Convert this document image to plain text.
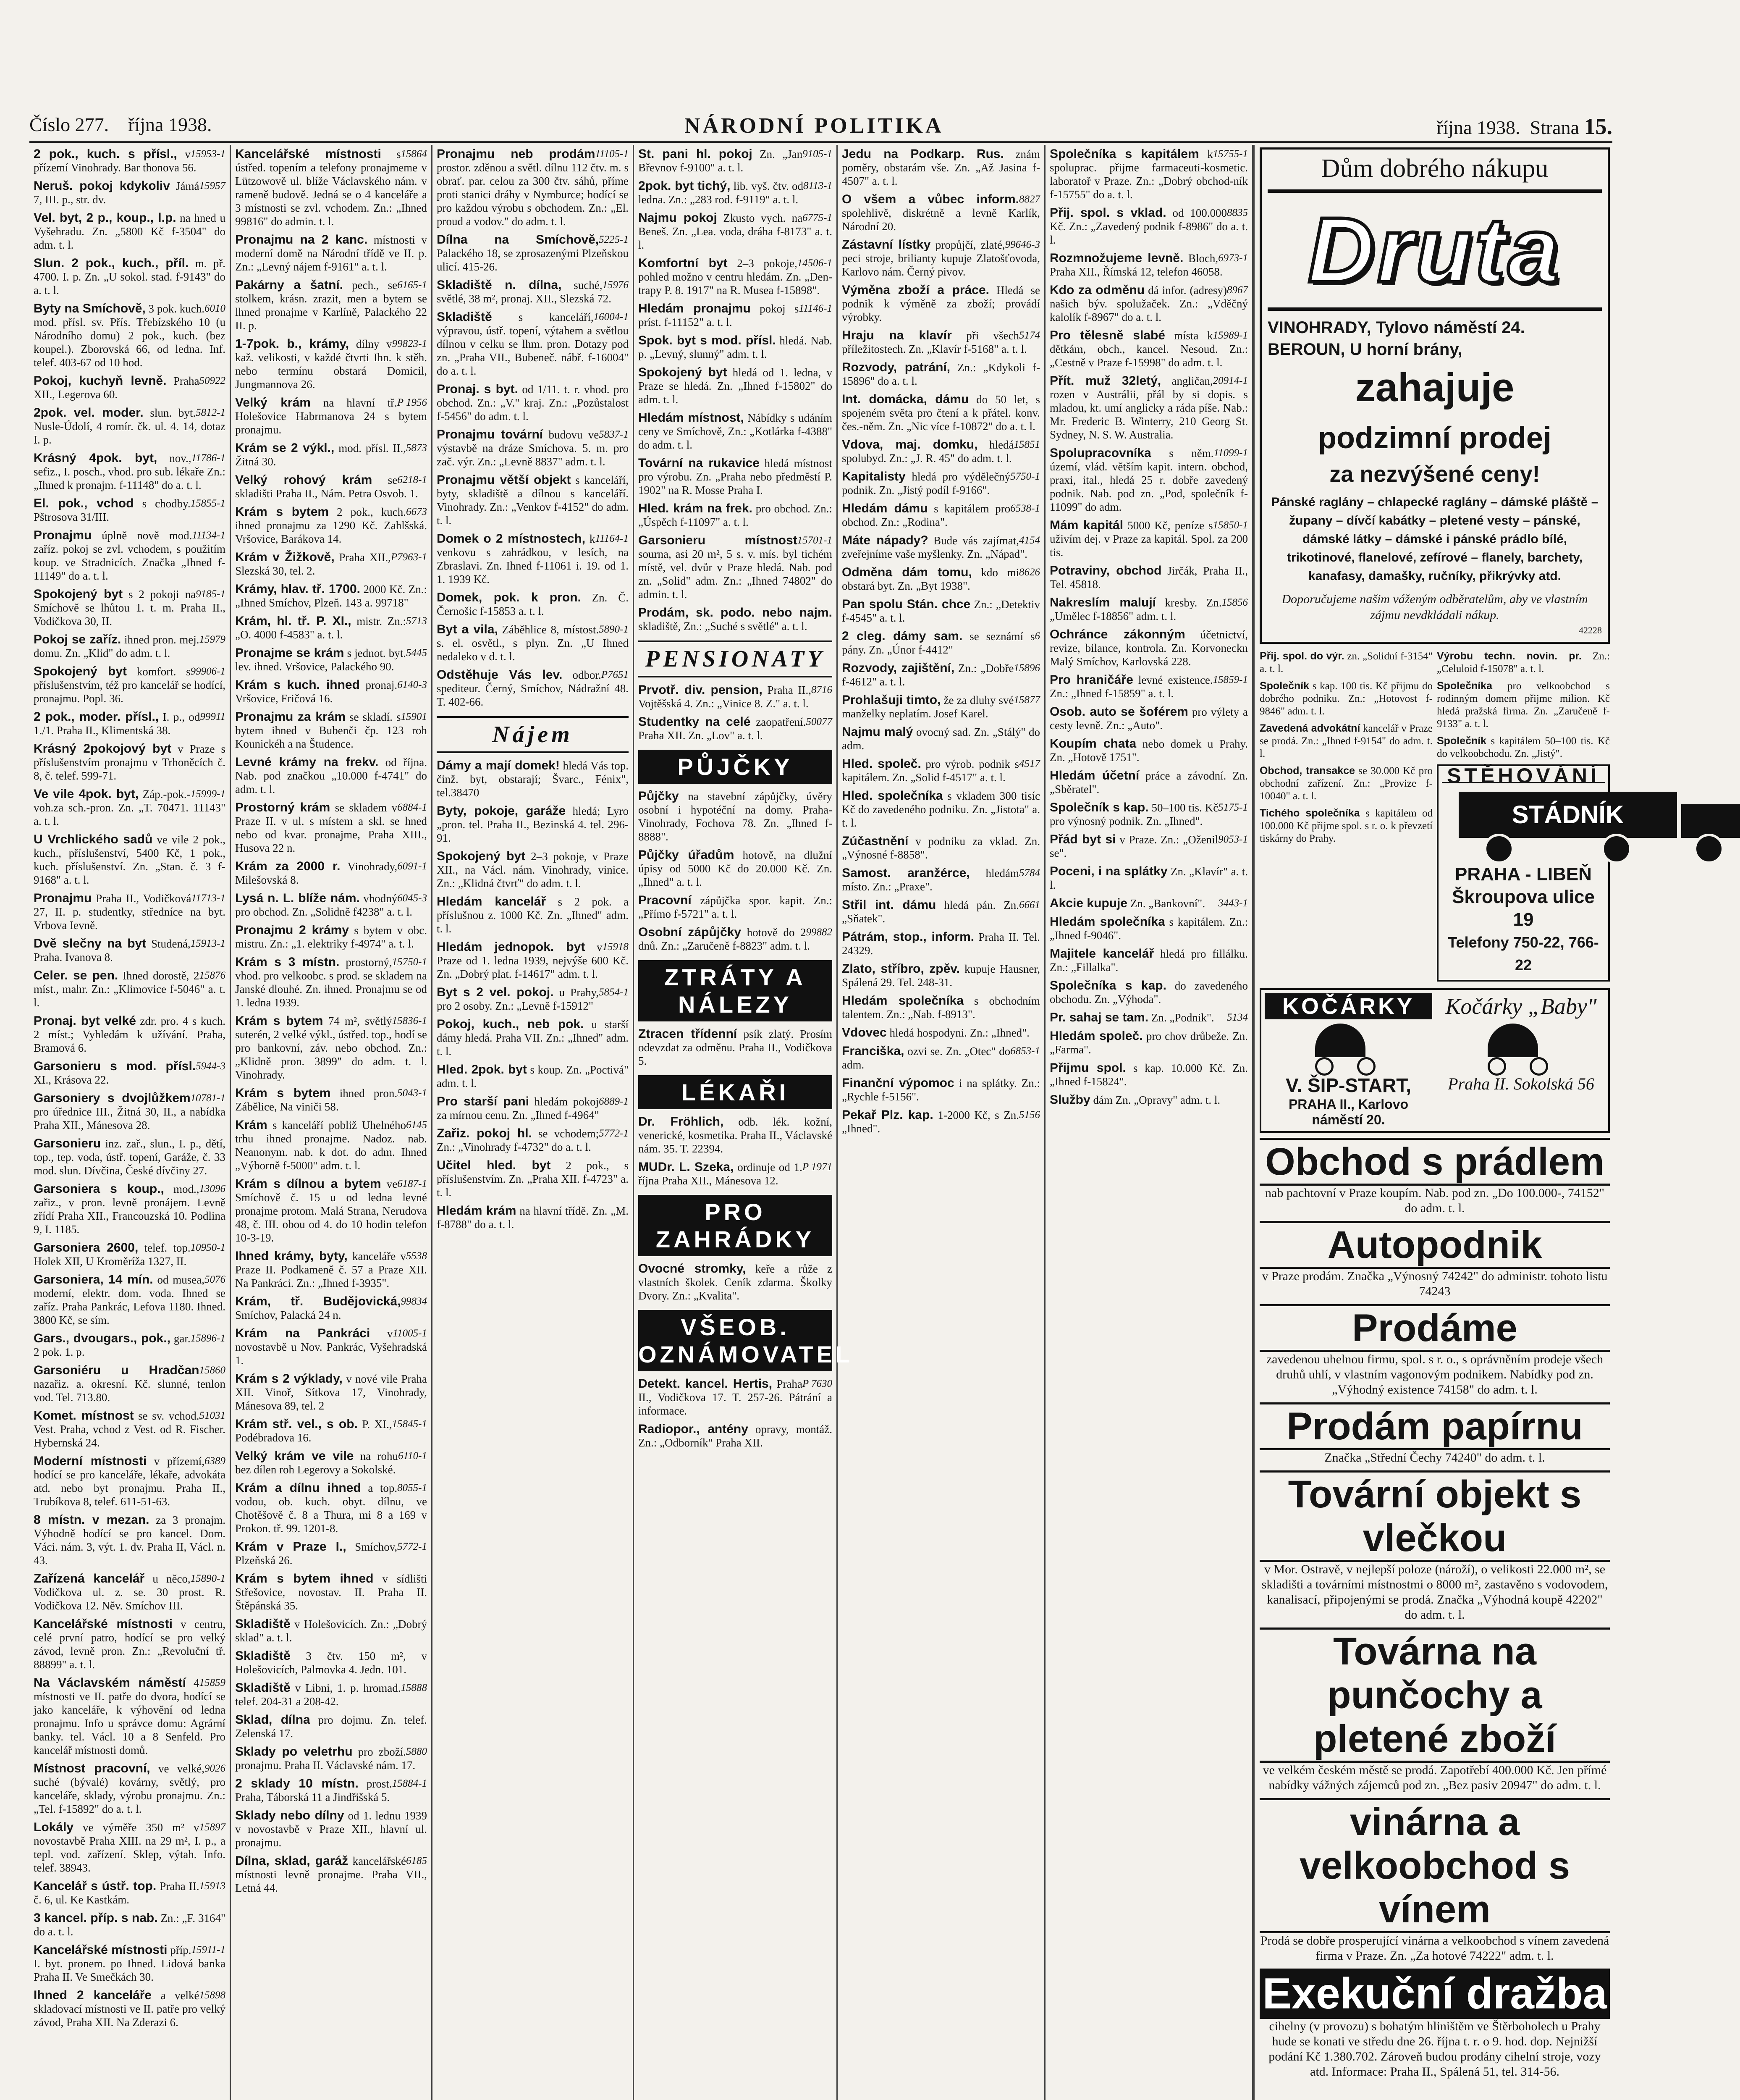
Číslo 277. října 1938.	NÁRODNÍ POLITIKA	října 1938. Strana 15.

15953-1
2 pok., kuch. s přísl., v přízemí Vinohrady. Bar thonova 56.

15957
Neruš. pokoj kdykoliv Jámá 7, III. p., str. dv.

Vel. byt, 2 p., koup., l.p. na hned u Vyšehradu. Zn. „5800 Kč f-3504" do adm. t. l.

Slun. 2 pok., kuch., příl. m. př. 4700. I. p. Zn. „U sokol. stad. f-9143" do a. t. l.

6010
Byty na Smíchově, 3 pok. kuch. mod. přísl. sv. Přís. Třebízského 10 (u Národního domu) 2 pok., kuch. (bez koupel.). Zborovská 66, od ledna. Inf. telef. 403-67 od 10 hod.

50922
Pokoj, kuchyň levně. Praha XII., Legerova 60.

5812-1
2pok. vel. moder. slun. byt. Nusle-Údolí, 4 romír. čk. ul. 4. 14, dotaz I. p.

11786-1
Krásný 4pok. byt, nov., sefiz., I. posch., vhod. pro sub. lékaře Zn.: „Ihned k pronajm. f-11148" do a. t. l.

15855-1
El. pok., vchod s chodby. Pštrosova 31/III.

11134-1
Pronajmu úplně nově mod. zaříz. pokoj se zvl. vchodem, s použitím koup. ve Stradnicích. Značka „Ihned f-11149" do a. t. l.

9185-1
Spokojený byt s 2 pokoji na Smíchově se lhůtou 1. t. m. Praha II., Vodičkova 30, II.

15979
Pokoj se zaříz. ihned pron. mej. domu. Zn. „Klid" do adm. t. l.

99906-1
Spokojený byt komfort. s příslušenstvím, též pro kancelář se hodící, pronajmu. Popl. 36.

99911
2 pok., moder. přísl., I. p., od 1./1. Praha II., Klimentská 38.

Krásný 2pokojový byt v Praze s příslušenstvím pronajmu v Trhoněcích č. 8, č. telef. 599-71.

15999-1
Ve vile 4pok. byt, Záp.-pok.-voh.za sch.-pron. Zn. „T. 70471. 11143" a. t. l.

U Vrchlického sadů ve vile 2 pok., kuch., příslušenství, 5400 Kč, 1 pok., kuch. příslušenství. Zn. „Stan. č. 3 f-9168" a. t. l.

11713-1
Pronajmu Praha II., Vodičková 27, II. p. studentky, středníce na byt. Vrbova Ievně.

15913-1
Dvě slečny na byt Studená, Praha. Ivanova 8.

15876
Celer. se pen. Ihned dorostě, 2 míst., mahr. Zn.: „Klimovice f-5046" a. t. l.

Pronaj. byt velké zdr. pro. 4 s kuch. 2 míst.; Vyhledám k užívání. Praha, Bramová 6.

5944-3
Garsonieru s mod. přísl. XI., Krásova 22.

10781-1
Garsoniery s dvojlůžkem pro úřednice III., Žitná 30, II., a nabídka Praha XII., Mánesova 28.

Garsonieru inz. zař., slun., I. p., dětí, top., tep. voda, ústř. topení, Garáže, č. 33 mod. slun. Dívčina, České dívčiny 27.

13096
Garsoniera s koup., mod., zařiz., v pron. levně pronájem. Levně zřídí Praha XII., Francouzská 10. Podlina 9, I. 1185.

10950-1
Garsoniera 2600, telef. top. Holek XII, U Kroměríža 1327, II.

5076
Garsoniera, 14 mín. od musea, moderní, elektr. dom. voda. Ihned se zaříz. Praha Pankrác, Lefova 1180. Ihned. 3800 Kč, se sím.

15896-1
Gars., dvougars., pok., gar. 2 pok. 1. p.

15860
Garsoniéru u Hradčan nazařiz. a. okresní. Kč. slunné, tenlon vod. Tel. 713.80.

51031
Komet. místnost se sv. vchod. Vest. Praha, vchod z Vest. od R. Fischer. Hybernská 24.

6389
Moderní místnosti v přízemí, hodící se pro kanceláře, lékaře, advokáta atd. nebo byt pronajmu. Praha II., Trubíkova 8, telef. 611-51-63.

8 místn. v mezan. za 3 pronajm. Výhodně hodící se pro kancel. Dom. Váci. nám. 3, výt. 1. dv. Praha II, Václ. n. 43.

15890-1
Zařízená kancelář u něco, Vodičkova ul. z. se. 30 prost. R. Vodičkova 12. Něv. Smíchov III.

Kancelářské místnosti v centru, celé první patro, hodící se pro velký závod, levně pron. Zn.: „Revoluční tř. 88899" a. t. l.

15859
Na Václavském náměstí 4 místnosti ve II. patře do dvora, hodící se jako kanceláře, k výhovění od ledna pronajmu. Info u správce domu: Agrární banky. tel. Václ. 10 a 8 Senfeld. Pro kancelář místnosti domů.

9026
Místnost pracovní, ve velké, suché (bývalé) kovárny, světlý, pro kanceláře, sklady, výrobu pronajmu. Zn.: „Tel. f-15892" do a. t. l.

15897
Lokály ve výměře 350 m² v novostavbě Praha XIII. na 29 m², I. p., a tepl. vod. zařízení. Sklep, výtah. Info. telef. 38943.

15913
Kancelář s ústř. top. Praha II. č. 6, ul. Ke Kastkám.

3 kancel. příp. s nab. Zn.: „F. 3164" do a. t. l.

15911-1
Kancelářské místnosti příp. I. byt. pronem. po Ihned. Lidová banka Praha II. Ve Smečkách 30.

15898
Ihned 2 kanceláře a velké skladovací místnosti ve II. patře pro velký závod, Praha XII. Na Zderazi 6.

15864
Kancelářské místnosti s ústřed. topením a telefony pronajmeme v Lützowově ul. blíže Václavského nám. v rameně budově. Jedná se o 4 kanceláře a 3 místnosti se zvl. vchodem. Zn.: „Ihned 99816" do admin. t. l.

Pronajmu na 2 kanc. místnosti v moderní domě na Národní třídě ve II. p. Zn.: „Levný nájem f-9161" a. t. l.

6165-1
Pakárny a šatní. pech., se stolkem, krásn. zrazit, men a bytem se lhned pronajme v Karlíně, Palackého 22 II. p.

99823-1
1-7pok. b., krámy, dílny v kaž. velikosti, v každé čtvrti Ihn. k stěh. nebo termínu obstará Domicil, Jungmannova 26.

P 1956
Velký krám na hlavní tř. Holešovice Habrmanova 24 s bytem pronajmu.

5873
Krám se 2 výkl., mod. přísl. II., Žitná 30.

6218-1
Velký rohový krám se skladišti Praha II., Nám. Petra Osvob. 1.

6673
Krám s bytem 2 pok., kuch. ihned pronajmu za 1290 Kč. Zahlšská. Vršovice, Barákova 14.

P7963-1
Krám v Žižkově, Praha XII., Slezská 30, tel. 2.

Krámy, hlav. tř. 1700. 2000 Kč. Zn.: „Ihned Smíchov, Plzeň. 143 a. 99718"

5713
Krám, hl. tř. P. XI., mistr. Zn.: „O. 4000 f-4583" a. t. l.

5445
Pronajme se krám s jednot. byt. lev. ihned. Vršovice, Palackého 90.

6140-3
Krám s kuch. ihned pronaj. Vršovice, Fričová 16.

15901
Pronajmu za krám se skladí. s bytem ihned v Bubenči čp. 123 roh Kounickéh a na Študence.

Levné krámy na frekv. od října. Nab. pod značkou „10.000 f-4741" do adm. t. l.

6884-1
Prostorný krám se skladem v Praze II. v ul. s místem a skl. se hned nebo od kvar. pronajme, Praha XIII., Husova 22 n.

6091-1
Krám za 2000 r. Vinohrady, Milešovská 8.

6045-3
Lysá n. L. blíže nám. vhodný pro obchod. Zn. „Solidně f4238" a. t. l.

Pronajmu 2 krámy s bytem v obc. mistru. Zn.: „1. elektriky f-4974" a. t. l.

15750-1
Krám s 3 místn. prostorný, vhod. pro velkoobc. s prod. se skladem na Janské dlouhé. Zn. ihned. Pronajmu se od 1. ledna 1939.

15836-1
Krám s bytem 74 m², světlý suterén, 2 velké výkl., ústřed. top., hodí se pro bankovní, záv. nebo obchod. Zn.: „Klidně pron. 3899" do adm. t. l. Vinohrady.

5043-1
Krám s bytem ihned pron. Zábělice, Na viniči 58.

6145
Krám s kanceláří pobliž Uhelného trhu ihned pronajme. Nadoz. nab. Neanonym. nab. k dot. do adm. Ihned „Výborně f-5000" adm. t. l.

6187-1
Krám s dílnou a bytem ve Smíchově č. 15 u od ledna levné pronajme protom. Malá Strana, Nerudova 48, č. III. obou od 4. do 10 hodin telefon 10-3-19.

5538
Ihned krámy, byty, kanceláře v Praze II. Podkameně č. 57 a Praze XII. Na Pankráci. Zn.: „Ihned f-3935".

99834
Krám, tř. Budějovická, Smíchov, Palacká 24 n.

11005-1
Krám na Pankráci v novostavbě u Nov. Pankrác, Vyšehradská 1.

Krám s 2 výklady, v nové vile Praha XII. Vinoř, Sítkova 17, Vinohrady, Mánesova 89, tel. 2

15845-1
Krám stř. vel., s ob. P. XI., Podébradova 16.

6110-1
Velký krám ve vile na rohu bez dílen roh Legerovy a Sokolské.

8055-1
Krám a dílnu ihned a top. vodou, ob. kuch. obyt. dílnu, ve Chotěšově č. 8 a Thura, mi 8 a 169 v Prokon. tř. 99. 1201-8.

5772-1
Krám v Praze I., Smíchov, Plzeňská 26.

Krám s bytem ihned v sídlišti Střešovice, novostav. II. Praha II. Štěpánská 35.

Skladiště v Holešovicích. Zn.: „Dobrý sklad" a. t. l.

Skladiště 3 čtv. 150 m², v Holešovicích, Palmovka 4. Jedn. 101.

15888
Skladiště v Libni, 1. p. hromad. telef. 204-31 a 208-42.

Sklad, dílna pro dojmu. Zn. telef. Zelenská 17.

5880
Sklady po veletrhu pro zboží. pronajmu. Praha II. Václavské nám. 17.

15884-1
2 sklady 10 místn. prost. Praha, Táborská 11 a Jindřišská 5.

Sklady nebo dílny od 1. lednu 1939 v novostavbě v Praze XII., hlavní ul. pronajmu.

6185
Dílna, sklad, garáž kancelářské místnosti levně pronajme. Praha VII., Letná 44.

11105-1
Pronajmu neb prodám prostor. zděnou a světl. dílnu 112 čtv. m. s obrať. par. celou za 300 čtv. sáhů, příme proti stanici dráhy v Nymburce; hodící se pro každou výrobu s obchodem. Zn.: „El. proud a vodov." do adm. t. l.

5225-1
Dílna na Smíchově, Palackého 18, se zprosazenými Plzeňskou ulicí. 415-26.

15976
Skladiště n. dílna, suché, světlé, 38 m², pronaj. XII., Slezská 72.

16004-1
Skladiště s kanceláří, výpravou, ústř. topení, výtahem a světlou dílnou v celku se lhm. pron. Dotazy pod zn. „Praha VII., Bubeneč. nábř. f-16004" do a. t. l.

Pronaj. s byt. od 1/11. t. r. vhod. pro obchod. Zn.: „V." kraj. Zn.: „Pozůstalost f-5456" do adm. t. l.

5837-1
Pronajmu tovární budovu ve výstavbě na dráze Smíchova. 5. m. pro zač. výr. Zn.: „Levně 8837" adm. t. l.

Pronajmu větší objekt s kanceláří, byty, skladiště a dílnou s kanceláří. Vinohrady. Zn.: „Venkov f-4152" do adm. t. l.

11164-1
Domek o 2 místnostech, k venkovu s zahrádkou, v lesích, na Zbraslavi. Zn. Ihned f-11061 i. 19. od 1. 1. 1939 Kč.

Domek, pok. k pron. Zn. Č. Černošic f-15853 a. t. l.

5890-1
Byt a vila, Záběhlice 8, místost. s. el. osvětl., s plyn. Zn. „U Ihned nedaleko v d. t. l.

P7651
Odstěhuje Vás lev. odbor. spediteur. Černý, Smíchov, Nádražní 48. T. 402-66.

Nájem

Dámy a mají domek! hledá Vás top. činž. byt, obstarají; Švarc., Fénix", tel.38470

Byty, pokoje, garáže hledá; Lyro „pron. tel. Praha II., Bezinská 4. tel. 296-91.

Spokojený byt 2–3 pokoje, v Praze XII., na Václ. nám. Vinohrady, vinice. Zn.: „Klidná čtvrť" do adm. t. l.

Hledám kancelář s 2 pok. a příslušnou z. 1000 Kč. Zn. „Ihned" adm. t. l.

15918
Hledám jednopok. byt v Praze od 1. ledna 1939, nejvýše 600 Kč. Zn. „Dobrý plat. f-14617" adm. t. l.

5854-1
Byt s 2 vel. pokoj. u Prahy, pro 2 osoby. Zn.: „Levně f-15912"

Pokoj, kuch., neb pok. u starší dámy hledá. Praha VII. Zn.: „Ihned" adm. t. l.

Hled. 2pok. byt s koup. Zn. „Poctivá" adm. t. l.

6889-1
Pro starší pani hledám pokoj za mírnou cenu. Zn. „Ihned f-4964"

5772-1
Zařiz. pokoj hl. se vchodem; Zn.: „Vinohrady f-4732" do a. t. l.

Učitel hled. byt 2 pok., s příslušenstvím. Zn. „Praha XII. f-4723" a. t. l.

Hledám krám na hlavní třídě. Zn. „M. f-8788" do a. t. l.

9105-1
St. pani hl. pokoj Zn. „Jan Břevnov f-9100" a. t. l.

8113-1
2pok. byt tichý, lib. vyš. čtv. od ledna. Zn.: „283 rod. f-9119" a. t. l.

6775-1
Najmu pokoj Zkusto vych. na Beneš. Zn. „Lea. voda, dráha f-8173" a. t. l.

14506-1
Komfortní byt 2–3 pokoje, pohled možno v centru hledám. Zn. „Den-trapy P. 8. 1917" na R. Musea f-15898".

11146-1
Hledám pronajmu pokoj s príst. f-11152" a. t. l.

Spok. byt s mod. přísl. hledá. Nab. p. „Levný, slunný" adm. t. l.

Spokojený byt hledá od 1. ledna, v Praze se hledá. Zn. „Ihned f-15802" do adm. t. l.

Hledám místnost, Nábídky s udáním ceny ve Smíchově, Zn.: „Kotlárka f-4388" do adm. t. l.

Tovární na rukavice hledá místnost pro výrobu. Zn. „Praha nebo předměstí P. 1902" na R. Mosse Praha I.

Hled. krám na frek. pro obchod. Zn.: „Úspěch f-11097" a. t. l.

15701-1
Garsonieru místnost sourna, asi 20 m², 5 s. v. mís. byl tichém místě, vel. dvůr v Praze hledá. Nab. pod zn. „Solid" adm. Zn.: „Ihned 74802" do admin. t. l.

Prodám, sk. podo. nebo najm. skladiště, Zn.: „Suché s světlé" a. t. l.

PENSIONATY

8716
Prvotř. div. pension, Praha II., Vojtěšská 4. Zn.: „Vinice 8. Z." a. t. l.

50077
Studentky na celé zaopatření. Praha XII. Zn. „Lov" a. t. l.

PŮJČKY

Půjčky na stavební zápůjčky, úvěry osobní i hypotéční na domy. Praha-Vinohrady, Fochova 78. Zn. „Ihned f-8888".

Půjčky úřadům hotově, na dlužní úpisy od 5000 Kč do 20.000 Kč. Zn. „Ihned" a. t. l.

Pracovní zápůjčka spor. kapit. Zn.: „Přímo f-5721" a. t. l.

99882
Osobní zápůjčky hotově do 2 dnů. Zn.: „Zaručeně f-8823" adm. t. l.

ZTRÁTY A NÁLEZY

Ztracen třídenní psík zlatý. Prosím odevzdat za odměnu. Praha II., Vodičkova 5.

LÉKAŘI

Dr. Fröhlich, odb. lék. kožní, venerické, kosmetika. Praha II., Václavské nám. 35. T. 22394.

P 1971
MUDr. L. Szeka, ordinuje od 1. října Praha XII., Mánesova 12.

PRO ZAHRÁDKY

Ovocné stromky, keře a růže z vlastních školek. Ceník zdarma. Školky Dvory. Zn.: „Kvalita".

VŠEOB. OZNÁMOVATEL

P 7630
Detekt. kancel. Hertis, Praha II., Vodičkova 17. T. 257-26. Pátrání a informace.

Radiopor., antény opravy, montáž. Zn.: „Odborník" Praha XII.

Jedu na Podkarp. Rus. znám poměry, obstarám vše. Zn. „Až Jasina f-4507" a. t. l.

8827
O všem a vůbec inform. spolehlivě, diskrétně a levně Karlík, Národní 20.

99646-3
Zástavní lístky propůjčí, zlaté, peci stroje, brilianty kupuje Zlatošťovoda, Karlovo nám. Černý pivov.

Výměna zboží a práce. Hledá se podnik k výměně za zboží; provádí výrobky.

5174
Hraju na klavír při všech příležitostech. Zn. „Klavír f-5168" a. t. l.

Rozvody, patrání, Zn.: „Kdykoli f-15896" do a. t. l.

Int. domácka, dámu do 50 let, s spojeném světa pro čtení a k přátel. konv. čes.-něm. Zn. „Nic více f-10872" do a. t. l.

15851
Vdova, maj. domku, hledá spolubyd. Zn.: „J. R. 45" do adm. t. l.

5750-1
Kapitalisty hledá pro výdělečný podnik. Zn. „Jistý podíl f-9166".

6538-1
Hledám dámu s kapitálem pro obchod. Zn.: „Rodina".

4154
Máte nápady? Bude vás zajímat, zveřejníme vaše myšlenky. Zn. „Nápad".

8626
Odměna dám tomu, kdo mi obstará byt. Zn. „Byt 1938".

Pan spolu Stán. chce Zn.: „Detektiv f-4545" a. t. l.

6
2 cleg. dámy sam. se seznámí s pány. Zn. „Únor f-4412"

15896
Rozvody, zajištění, Zn.: „Dobře f-4612" a. t. l.

15877
Prohlašuji timto, že za dluhy své manželky neplatím. Josef Karel.

Najmu malý ovocný sad. Zn. „Stálý" do adm.

4517
Hled. společ. pro výrob. podnik s kapitálem. Zn. „Solid f-4517" a. t. l.

Hled. společníka s vkladem 300 tisíc Kč do zavedeného podniku. Zn. „Jistota" a. t. l.

Zúčastnění v podniku za vklad. Zn. „Výnosné f-8858".

5784
Samost. aranžérce, hledám místo. Zn.: „Praxe".

6661
Střil int. dámu hledá pán. Zn. „Sňatek".

Pátrám, stop., inform. Praha II. Tel. 24329.

Zlato, stříbro, zpěv. kupuje Hausner, Spálená 29. Tel. 248-31.

Hledám společníka s obchodním talentem. Zn.: „Nab. f-8913".

Vdovec hledá hospodyni. Zn.: „Ihned".

6853-1
Franciška, ozvi se. Zn. „Otec" do adm.

Finanční výpomoc i na splátky. Zn.: „Rychle f-5156".

5156
Pekař Plz. kap. 1-2000 Kč, s Zn. „Ihned".

15755-1
Společníka s kapitálem k spoluprac. přijme farmaceuti-kosmetic. laboratoř v Praze. Zn.: „Dobrý obchod-ník f-15755" do a. t. l.

8835
Přij. spol. s vklad. od 100.000 Kč. Zn.: „Zavedený podnik f-8986" do a. t. l.

6973-1
Rozmnožujeme levně. Bloch, Praha XII., Římská 12, telefon 46058.

8967
Kdo za odměnu dá infor. (adresy) našich býv. spolužaček. Zn.: „Vděčný kalolík f-8967" do a. t. l.

15989-1
Pro tělesně slabé místa k dětkám, obch., kancel. Nesoud. Zn.: „Cestně v Praze f-15998" do adm. t. l.

20914-1
Přít. muž 32letý, angličan, rozen v Austrálii, přál by si dopis. s mladou, kt. umí anglicky a ráda píše. Nab.: Mr. Frederic B. Winterry, 210 Georg St. Sydney, N. S. W. Australia.

11099-1
Spolupracovníka s něm. území, vlád. větším kapit. intern. obchod, praxi, ital., hledá 25 r. dobře zavedený podnik. Nab. pod zn. „Pod, společník f-11099" do adm.

15850-1
Mám kapitál 5000 Kč, peníze s uživím dej. v Praze za kapitál. Spol. za 200 tis.

Potraviny, obchod Jirčák, Praha II., Tel. 45818.

15856
Nakreslím malují kresby. Zn. „Umělec f-18856" adm. t. l.

Ochránce zákonným účetnictví, revize, bilance, kontrola. Zn. Korvoneckn Malý Smíchov, Karlovská 228.

15859-1
Pro hraničáře levné existence. Zn.: „Ihned f-15859" a. t. l.

Osob. auto se šoférem pro výlety a cesty levně. Zn.: „Auto".

Koupím chata nebo domek u Prahy. Zn. „Hotově 1751".

Hledám účetní práce a závodní. Zn. „Sběratel".

5175-1
Společník s kap. 50–100 tis. Kč pro výnosný podnik. Zn. „Ihned".

9053-1
Přád byt si v Praze. Zn.: „Oženil se".

Poceni, i na splátky Zn. „Klavír" a. t. l.

3443-1
Akcie kupuje Zn. „Bankovní".

Hledám společníka s kapitálem. Zn.: „Ihned f-9046".

Majitele kancelář hledá pro fillálku. Zn.: „Fillalka".

Společníka s kap. do zavedeného obchodu. Zn. „Výhoda".

5134
Pr. sahaj se tam. Zn. „Podnik".

Hledám společ. pro chov drůbeže. Zn. „Farma".

Přijmu spol. s kap. 10.000 Kč. Zn. „Ihned f-15824".

Služby dám Zn. „Opravy" adm. t. l.

Dům dobrého nákupu
Druta
VINOHRADY, Tylovo náměstí 24.
BEROUN, U horní brány,
zahajuje
podzimní prodej
za nezvýšené ceny!
Pánské raglány – chlapecké raglány – dámské pláště – župany – dívčí kabátky – pletené vesty – pánské, dámské látky – dámské i pánské prádlo bílé, trikotinové, flanelové, zefírové – flanely, barchety, kanafasy, damašky, ručníky, přikrývky atd.
Doporučujeme našim váženým odběratelům, aby ve vlastním zájmu nevdkládali nákup.
42228

Přij. spol. do výr. zn. „Solidní f-3154" a. t. l.

Společník s kap. 100 tis. Kč přijmu do dobrého podniku. Zn.: „Hotovost f-9846" adm. t. l.

Zavedená advokátní kancelář v Praze se prodá. Zn.: „Ihned f-9154" do adm. t. l.

Obchod, transakce se 30.000 Kč pro obchodní zařízení. Zn.: „Provize f-10040" a. t. l.

Tichého společníka s kapitálem od 100.000 Kč přijme spol. s r. o. k převzetí tiskárny do Prahy.

Výrobu techn. novin. pr. Zn.: „Celuloid f-15078" a. t. l.

Společníka pro velkoobchod s rodinným domem přijme milion. Kč hledá pražská firma. Zn. „Zaručeně f-9133" a. t. l.

Společník s kapitálem 50–100 tis. Kč do velkoobchodu. Zn. „Jistý".

STĚHOVÁNÍ
STÁDNÍK
PRAHA - LIBEŇ
Škroupova ulice 19
Telefony 750-22, 766-22
KOČÁRKY
V. ŠIP-START,
PRAHA II., Karlovo náměstí 20.
Kočárky „Baby"
Praha II. Sokolská 56
Obchod s prádlem
nab pachtovní v Praze koupím. Nab. pod zn. „Do 100.000-, 74152" do adm. t. l.
Autopodnik
v Praze prodám. Značka „Výnosný 74242" do administr. tohoto listu 74243
Prodáme
zavedenou uhelnou firmu, spol. s r. o., s oprávněním prodeje všech druhů uhlí, v vlastním vagonovým podnikem. Nabídky pod zn. „Výhodný existence 74158" do adm. t. l.
Prodám papírnu
Značka „Střední Čechy 74240" do adm. t. l.
Tovární objekt s vlečkou
v Mor. Ostravě, v nejlepší poloze (nároží), o velikosti 22.000 m², se skladišti a továrními místnostmi o 8000 m², zastavěno s vodovodem, kanalisací, připojenými se prodá. Značka „Výhodná koupě 42202" do adm. t. l.
Továrna na punčochy a pletené zboží
ve velkém českém městě se prodá. Zapotřebí 400.000 Kč. Jen přímé nabídky vážných zájemců pod zn. „Bez pasiv 20947" do adm. t. l.
vinárna a velkoobchod s vínem
Prodá se dobře prosperující vinárna a velkoobchod s vínem zavedená firma v Praze. Zn. „Za hotové 74222" adm. t. l.
Exekuční dražba
cihelny (v provozu) s bohatým hliništěm ve Štěrboholech u Prahy hude se konati ve středu dne 26. října t. r. o 9. hod. dop. Nejnižší podání Kč 1.380.702. Zároveň budou prodány cihelní stroje, vozy atd. Informace: Praha II., Spálená 51, tel. 314-56.
